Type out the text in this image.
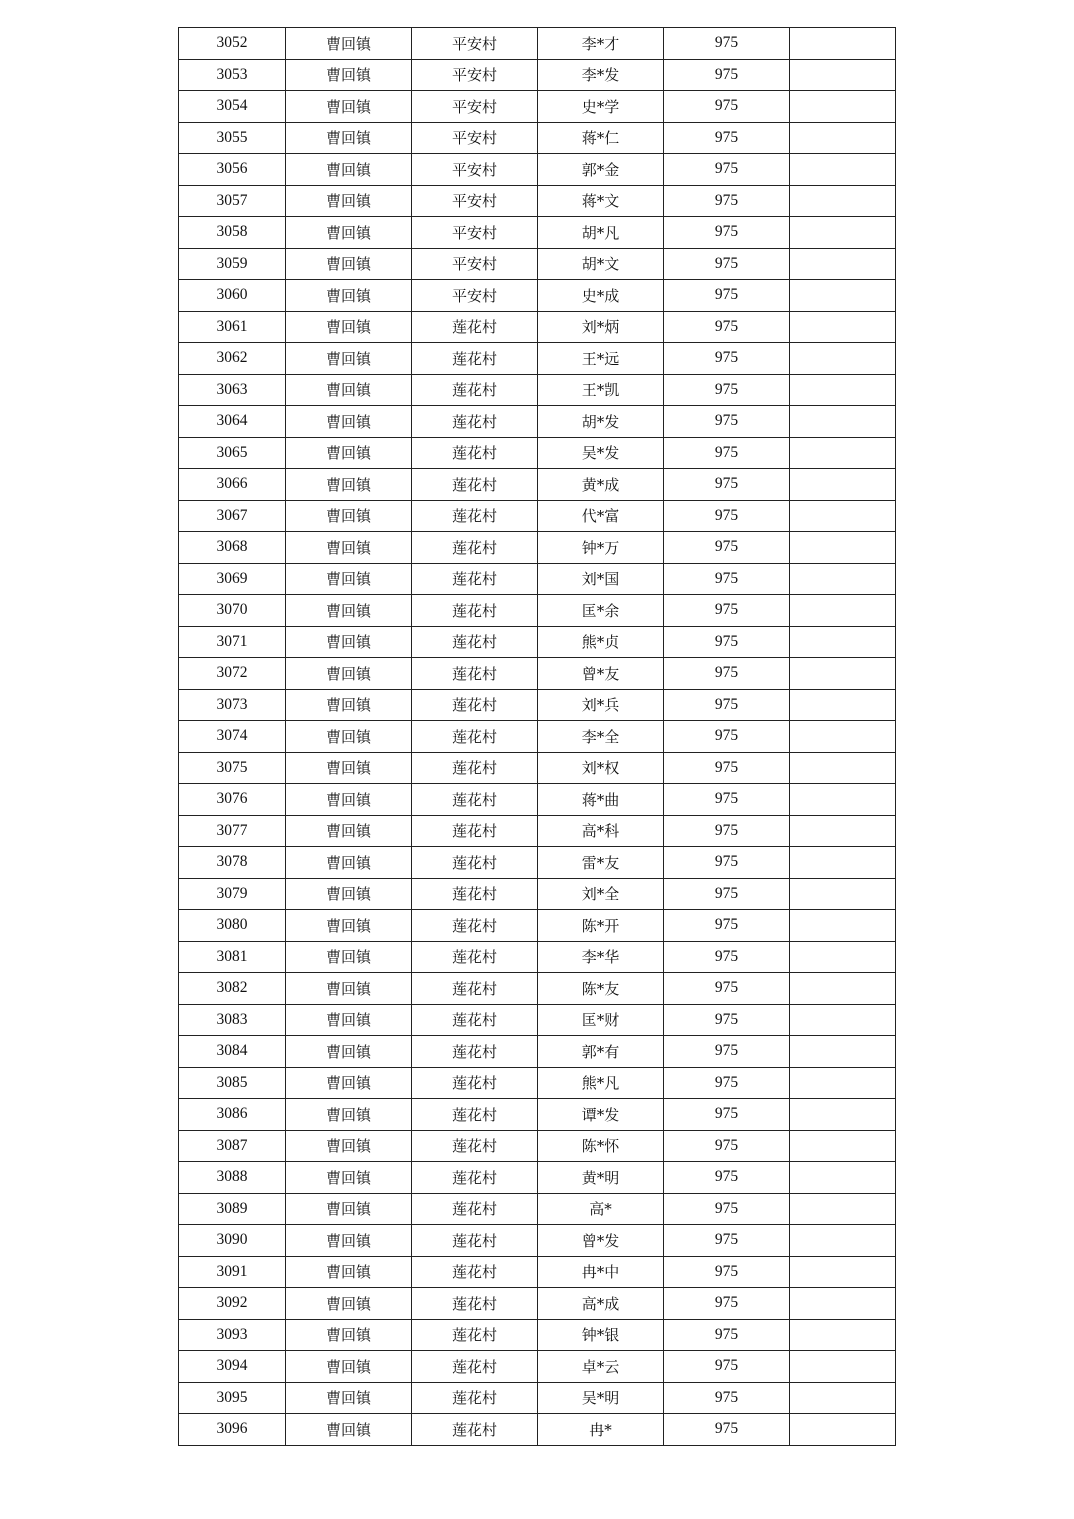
3052	曹回镇	平安村	李*才	975	
3053	曹回镇	平安村	李*发	975	
3054	曹回镇	平安村	史*学	975	
3055	曹回镇	平安村	蒋*仁	975	
3056	曹回镇	平安村	郭*金	975	
3057	曹回镇	平安村	蒋*文	975	
3058	曹回镇	平安村	胡*凡	975	
3059	曹回镇	平安村	胡*文	975	
3060	曹回镇	平安村	史*成	975	
3061	曹回镇	莲花村	刘*炳	975	
3062	曹回镇	莲花村	王*远	975	
3063	曹回镇	莲花村	王*凯	975	
3064	曹回镇	莲花村	胡*发	975	
3065	曹回镇	莲花村	吴*发	975	
3066	曹回镇	莲花村	黄*成	975	
3067	曹回镇	莲花村	代*富	975	
3068	曹回镇	莲花村	钟*万	975	
3069	曹回镇	莲花村	刘*国	975	
3070	曹回镇	莲花村	匡*余	975	
3071	曹回镇	莲花村	熊*贞	975	
3072	曹回镇	莲花村	曾*友	975	
3073	曹回镇	莲花村	刘*兵	975	
3074	曹回镇	莲花村	李*全	975	
3075	曹回镇	莲花村	刘*权	975	
3076	曹回镇	莲花村	蒋*曲	975	
3077	曹回镇	莲花村	高*科	975	
3078	曹回镇	莲花村	雷*友	975	
3079	曹回镇	莲花村	刘*全	975	
3080	曹回镇	莲花村	陈*开	975	
3081	曹回镇	莲花村	李*华	975	
3082	曹回镇	莲花村	陈*友	975	
3083	曹回镇	莲花村	匡*财	975	
3084	曹回镇	莲花村	郭*有	975	
3085	曹回镇	莲花村	熊*凡	975	
3086	曹回镇	莲花村	谭*发	975	
3087	曹回镇	莲花村	陈*怀	975	
3088	曹回镇	莲花村	黄*明	975	
3089	曹回镇	莲花村	高*	975	
3090	曹回镇	莲花村	曾*发	975	
3091	曹回镇	莲花村	冉*中	975	
3092	曹回镇	莲花村	高*成	975	
3093	曹回镇	莲花村	钟*银	975	
3094	曹回镇	莲花村	卓*云	975	
3095	曹回镇	莲花村	吴*明	975	
3096	曹回镇	莲花村	冉*	975	
